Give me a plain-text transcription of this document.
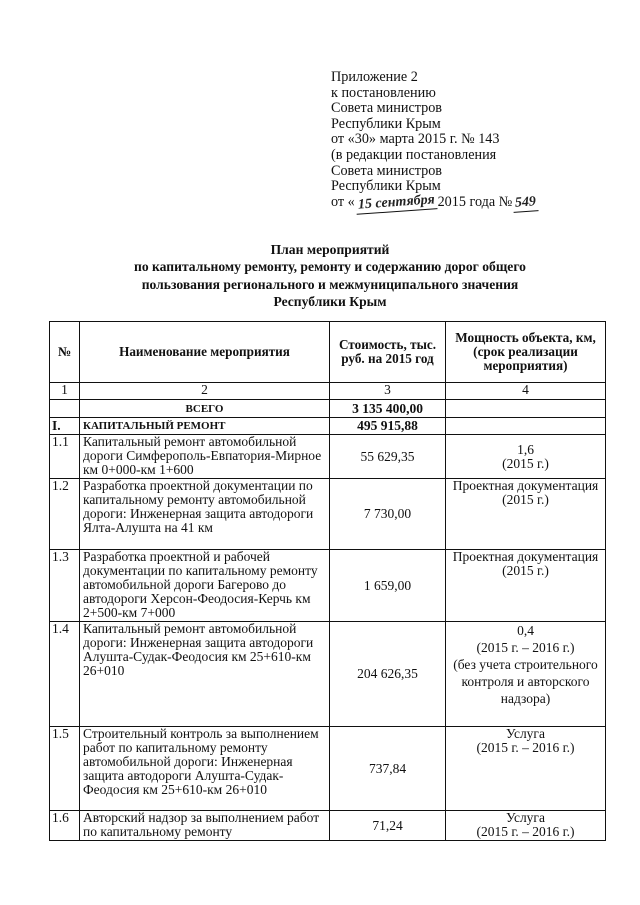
Приложение 2
к постановлению
Совета министров
Республики Крым
от «30» марта 2015 г. № 143
(в редакции постановления
Совета министров
Республики Крым
от « 15 сентября 2015 года № 549
План мероприятий
по капитальному ремонту, ремонту и содержанию дорог общего
пользования регионального и межмуниципального значения
Республики Крым
№	Наименование мероприятия	Стоимость, тыс. руб. на 2015 год	Мощность объекта, км, (срок реализации мероприятия)
1	2	3	4
	ВСЕГО	3 135 400,00	
I.	КАПИТАЛЬНЫЙ РЕМОНТ	495 915,88	
1.1	Капитальный ремонт автомобильной дороги Симферополь-Евпатория-Мирное км 0+000-км 1+600	55 629,35	1,6
(2015 г.)

1.2	Разработка проектной документации по капитальному ремонту автомобильной дороги: Инженерная защита автодороги Ялта-Алушта на 41 км	7 730,00	Проектная документация
(2015 г.)

1.3	Разработка проектной и рабочей документации по капитальному ремонту автомобильной дороги Багерово до автодороги Херсон-Феодосия-Керчь км 2+500-км 7+000	1 659,00	Проектная документация
(2015 г.)

1.4	Капитальный ремонт автомобильной дороги: Инженерная защита автодороги Алушта-Судак-Феодосия км 25+610-км 26+010	204 626,35	0,4
(2015 г. – 2016 г.)
(без учета строительного контроля и авторского надзора)

1.5	Строительный контроль за выполнением работ по капитальному ремонту автомобильной дороги: Инженерная защита автодороги Алушта-Судак-Феодосия км 25+610-км 26+010	737,84	Услуга
(2015 г. – 2016 г.)

1.6	Авторский надзор за выполнением работ по капитальному ремонту	71,24	Услуга
(2015 г. – 2016 г.)
